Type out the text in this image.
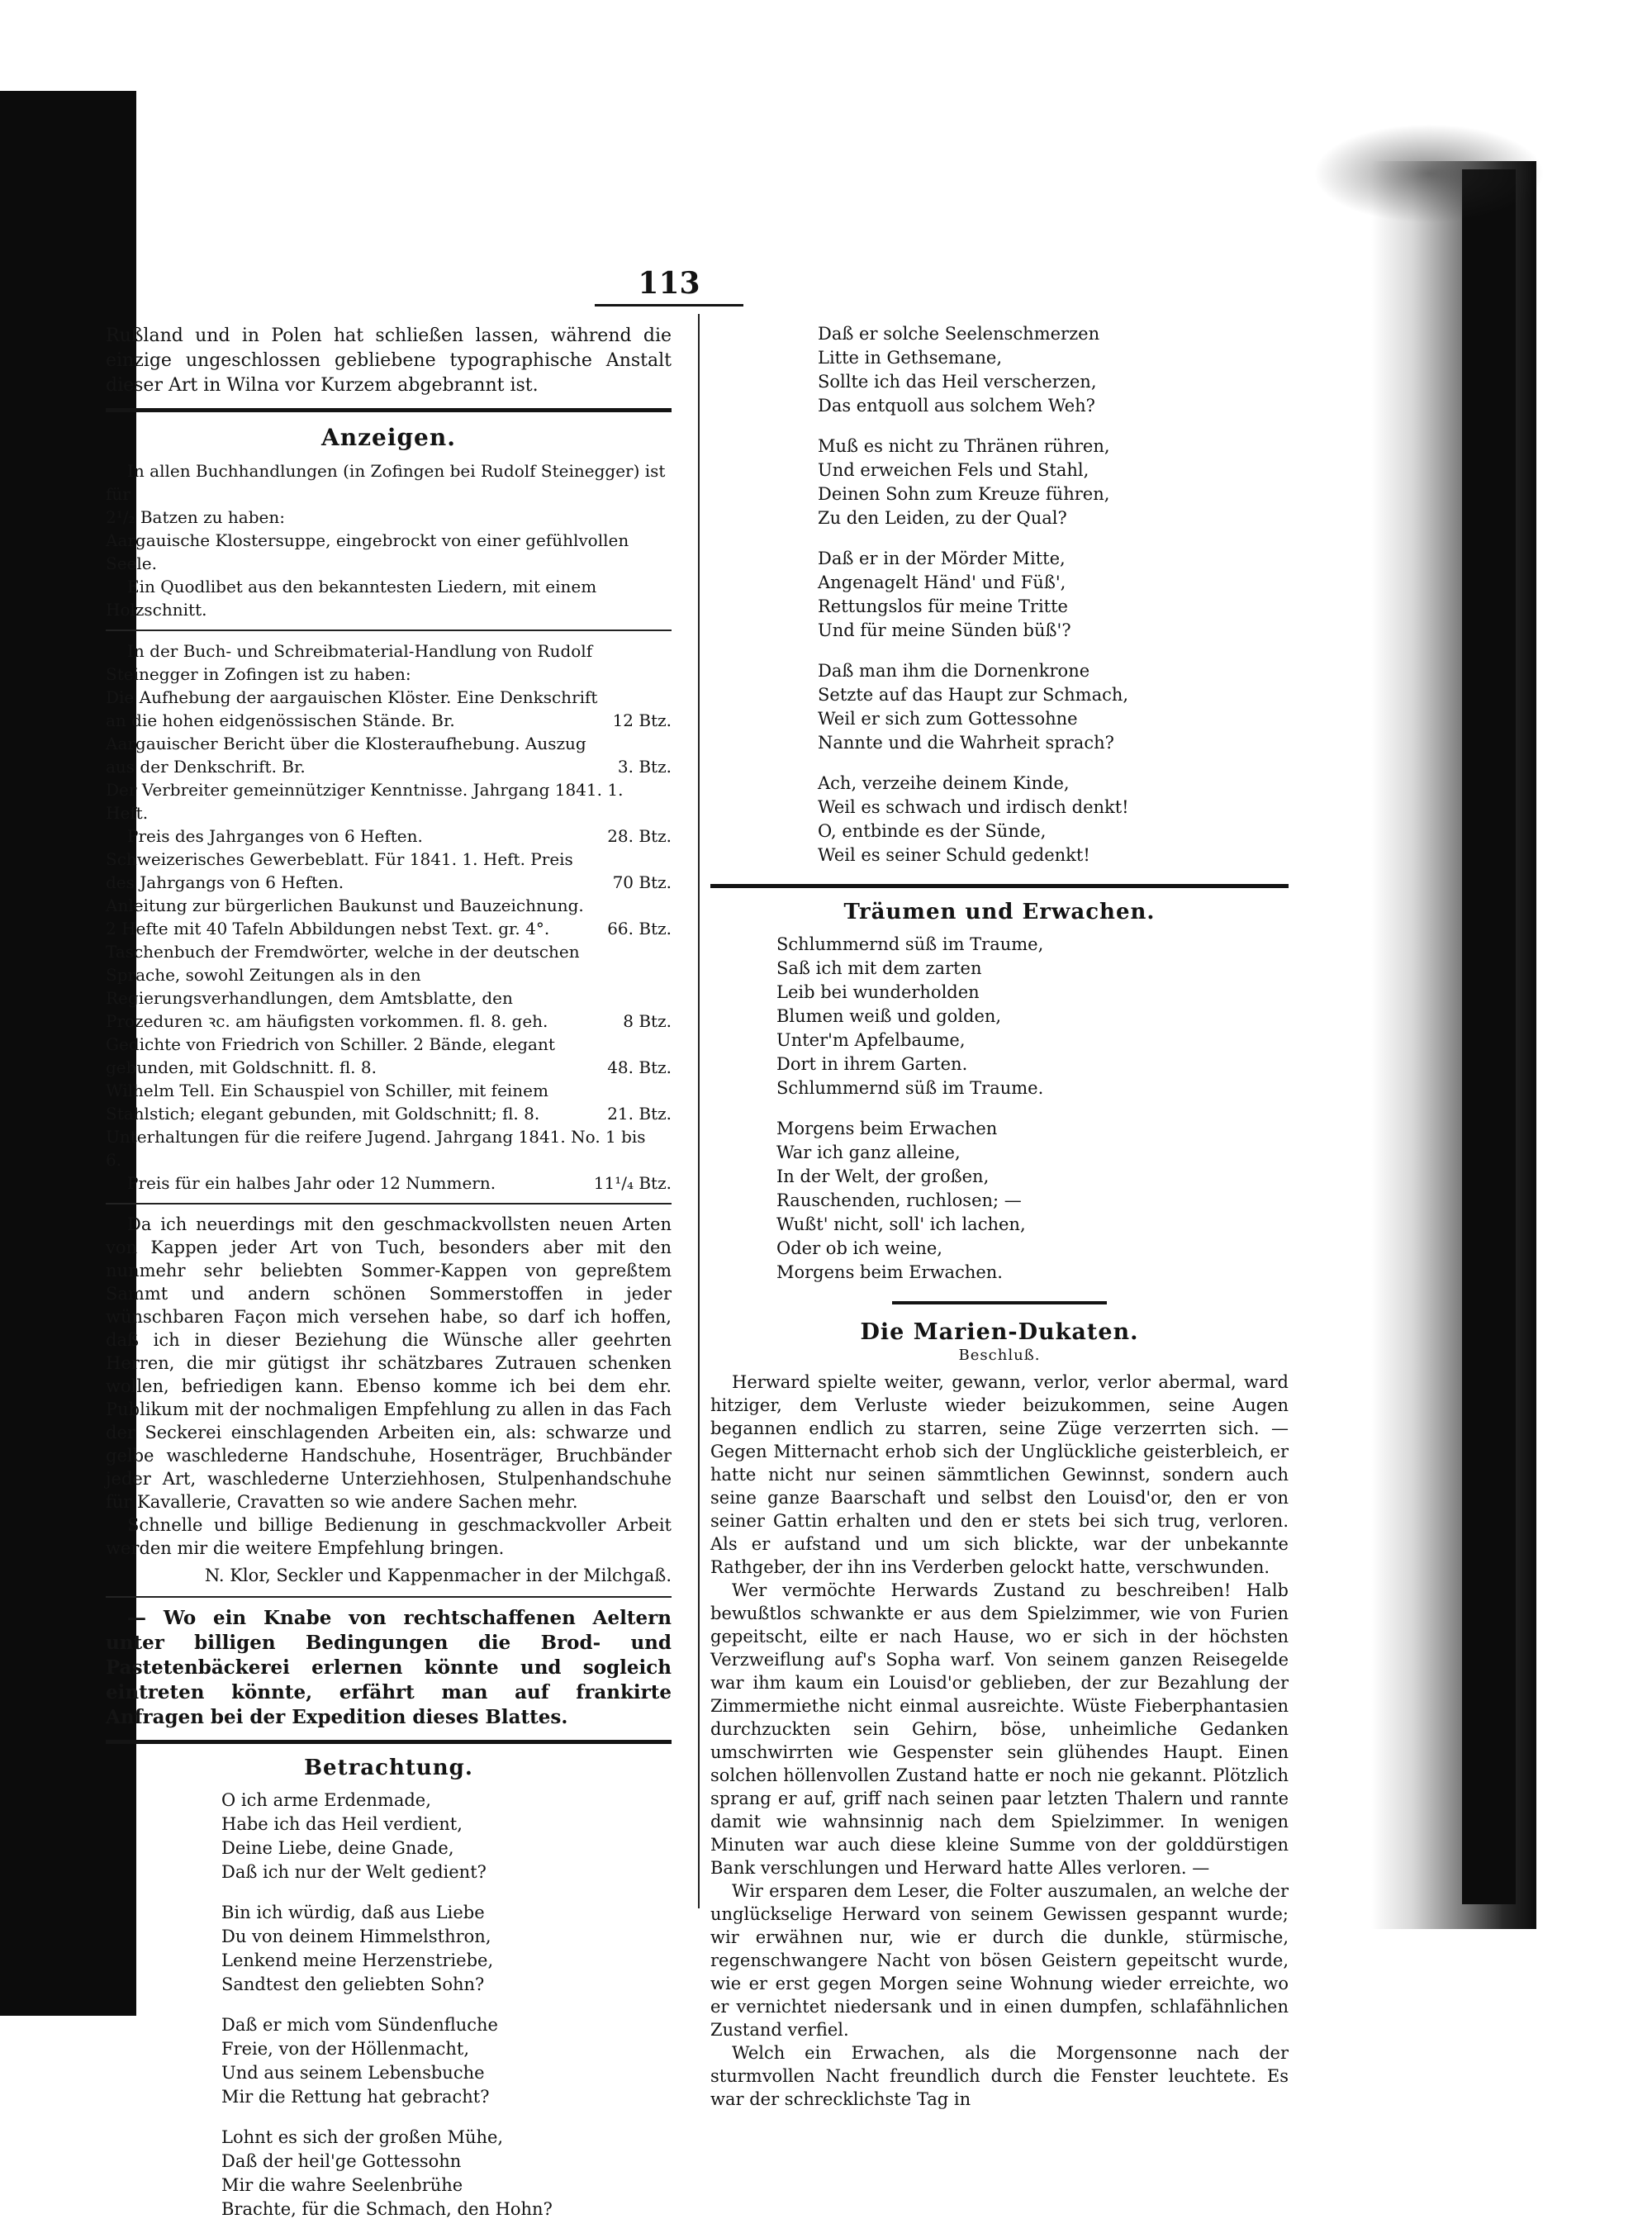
113

Rußland und in Polen hat schließen lassen, während die einzige ungeschlossen gebliebene typographische Anstalt dieser Art in Wilna vor Kurzem abgebrannt ist.

Anzeigen.

In allen Buchhandlungen (in Zofingen bei Rudolf Steinegger) ist für

2¹/₂ Batzen zu haben:

Aargauische Klostersuppe, eingebrockt von einer gefühlvollen Seele.

Ein Quodlibet aus den bekanntesten Liedern, mit einem Holzschnitt.

In der Buch- und Schreibmaterial-Handlung von Rudolf Steinegger in Zofingen ist zu haben:

Die Aufhebung der aargauischen Klöster. Eine Denkschrift an die hohen eidgenössischen Stände. Br.	12 Btz.
Aargauischer Bericht über die Klosteraufhebung. Auszug aus der Denkschrift. Br.	3. Btz.
Der Verbreiter gemeinnütziger Kenntnisse. Jahrgang 1841. 1. Heft.
Preis des Jahrganges von 6 Heften.	28. Btz.
Schweizerisches Gewerbeblatt. Für 1841. 1. Heft. Preis des Jahrgangs von 6 Heften.	70 Btz.
Anleitung zur bürgerlichen Baukunst und Bauzeichnung. 2 Hefte mit 40 Tafeln Abbildungen nebst Text. gr. 4°.	66. Btz.
Taschenbuch der Fremdwörter, welche in der deutschen Sprache, sowohl Zeitungen als in den Regierungsverhandlungen, dem Amtsblatte, den Prozeduren ꝛc. am häufigsten vorkommen. fl. 8. geh.	8 Btz.
Gedichte von Friedrich von Schiller. 2 Bände, elegant gebunden, mit Goldschnitt. fl. 8.	48. Btz.
Wilhelm Tell. Ein Schauspiel von Schiller, mit feinem Stahlstich; elegant gebunden, mit Goldschnitt; fl. 8.	21. Btz.
Unterhaltungen für die reifere Jugend. Jahrgang 1841. No. 1 bis 6.
Preis für ein halbes Jahr oder 12 Nummern.	11¹/₄ Btz.

Da ich neuerdings mit den geschmackvollsten neuen Arten von Kappen jeder Art von Tuch, besonders aber mit den nunmehr sehr beliebten Sommer-Kappen von gepreßtem Sammt und andern schönen Sommerstoffen in jeder wünschbaren Façon mich versehen habe, so darf ich hoffen, daß ich in dieser Beziehung die Wünsche aller geehrten Herren, die mir gütigst ihr schätzbares Zutrauen schenken wollen, befriedigen kann. Ebenso komme ich bei dem ehr. Publikum mit der nochmaligen Empfehlung zu allen in das Fach der Seckerei einschlagenden Arbeiten ein, als: schwarze und gelbe waschlederne Handschuhe, Hosenträger, Bruchbänder jeder Art, waschlederne Unterziehhosen, Stulpenhandschuhe für Kavallerie, Cravatten so wie andere Sachen mehr.

Schnelle und billige Bedienung in geschmackvoller Arbeit werden mir die weitere Empfehlung bringen.

N. Klor, Seckler und Kappenmacher in der Milchgaß.

— Wo ein Knabe von rechtschaffenen Aeltern unter billigen Bedingungen die Brod- und Pastetenbäckerei erlernen könnte und sogleich eintreten könnte, erfährt man auf frankirte Anfragen bei der Expedition dieses Blattes.

Betrachtung.

O ich arme Erdenmade,

Habe ich das Heil verdient,

Deine Liebe, deine Gnade,

Daß ich nur der Welt gedient?

Bin ich würdig, daß aus Liebe

Du von deinem Himmelsthron,

Lenkend meine Herzenstriebe,

Sandtest den geliebten Sohn?

Daß er mich vom Sündenfluche

Freie, von der Höllenmacht,

Und aus seinem Lebensbuche

Mir die Rettung hat gebracht?

Lohnt es sich der großen Mühe,

Daß der heil'ge Gottessohn

Mir die wahre Seelenbrühe

Brachte, für die Schmach, den Hohn?

Daß er solche Seelenschmerzen

Litte in Gethsemane,

Sollte ich das Heil verscherzen,

Das entquoll aus solchem Weh?

Muß es nicht zu Thränen rühren,

Und erweichen Fels und Stahl,

Deinen Sohn zum Kreuze führen,

Zu den Leiden, zu der Qual?

Daß er in der Mörder Mitte,

Angenagelt Händ' und Füß',

Rettungslos für meine Tritte

Und für meine Sünden büß'?

Daß man ihm die Dornenkrone

Setzte auf das Haupt zur Schmach,

Weil er sich zum Gottessohne

Nannte und die Wahrheit sprach?

Ach, verzeihe deinem Kinde,

Weil es schwach und irdisch denkt!

O, entbinde es der Sünde,

Weil es seiner Schuld gedenkt!

Träumen und Erwachen.

Schlummernd süß im Traume,

Saß ich mit dem zarten

Leib bei wunderholden

Blumen weiß und golden,

Unter'm Apfelbaume,

Dort in ihrem Garten.

Schlummernd süß im Traume.

Morgens beim Erwachen

War ich ganz alleine,

In der Welt, der großen,

Rauschenden, ruchlosen; —

Wußt' nicht, soll' ich lachen,

Oder ob ich weine,

Morgens beim Erwachen.

Die Marien-Dukaten.
Beschluß.

Herward spielte weiter, gewann, verlor, verlor abermal, ward hitziger, dem Verluste wieder beizukommen, seine Augen begannen endlich zu starren, seine Züge verzerrten sich. — Gegen Mitternacht erhob sich der Unglückliche geisterbleich, er hatte nicht nur seinen sämmtlichen Gewinnst, sondern auch seine ganze Baarschaft und selbst den Louisd'or, den er von seiner Gattin erhalten und den er stets bei sich trug, verloren. Als er aufstand und um sich blickte, war der unbekannte Rathgeber, der ihn ins Verderben gelockt hatte, verschwunden.

Wer vermöchte Herwards Zustand zu beschreiben! Halb bewußtlos schwankte er aus dem Spielzimmer, wie von Furien gepeitscht, eilte er nach Hause, wo er sich in der höchsten Verzweiflung auf's Sopha warf. Von seinem ganzen Reisegelde war ihm kaum ein Louisd'or geblieben, der zur Bezahlung der Zimmermiethe nicht einmal ausreichte. Wüste Fieberphantasien durchzuckten sein Gehirn, böse, unheimliche Gedanken umschwirrten wie Gespenster sein glühendes Haupt. Einen solchen höllenvollen Zustand hatte er noch nie gekannt. Plötzlich sprang er auf, griff nach seinen paar letzten Thalern und rannte damit wie wahnsinnig nach dem Spielzimmer. In wenigen Minuten war auch diese kleine Summe von der golddürstigen Bank verschlungen und Herward hatte Alles verloren. —

Wir ersparen dem Leser, die Folter auszumalen, an welche der unglückselige Herward von seinem Gewissen gespannt wurde; wir erwähnen nur, wie er durch die dunkle, stürmische, regenschwangere Nacht von bösen Geistern gepeitscht wurde, wie er erst gegen Morgen seine Wohnung wieder erreichte, wo er vernichtet niedersank und in einen dumpfen, schlafähnlichen Zustand verfiel.

Welch ein Erwachen, als die Morgensonne nach der sturmvollen Nacht freundlich durch die Fenster leuchtete. Es war der schrecklichste Tag in
